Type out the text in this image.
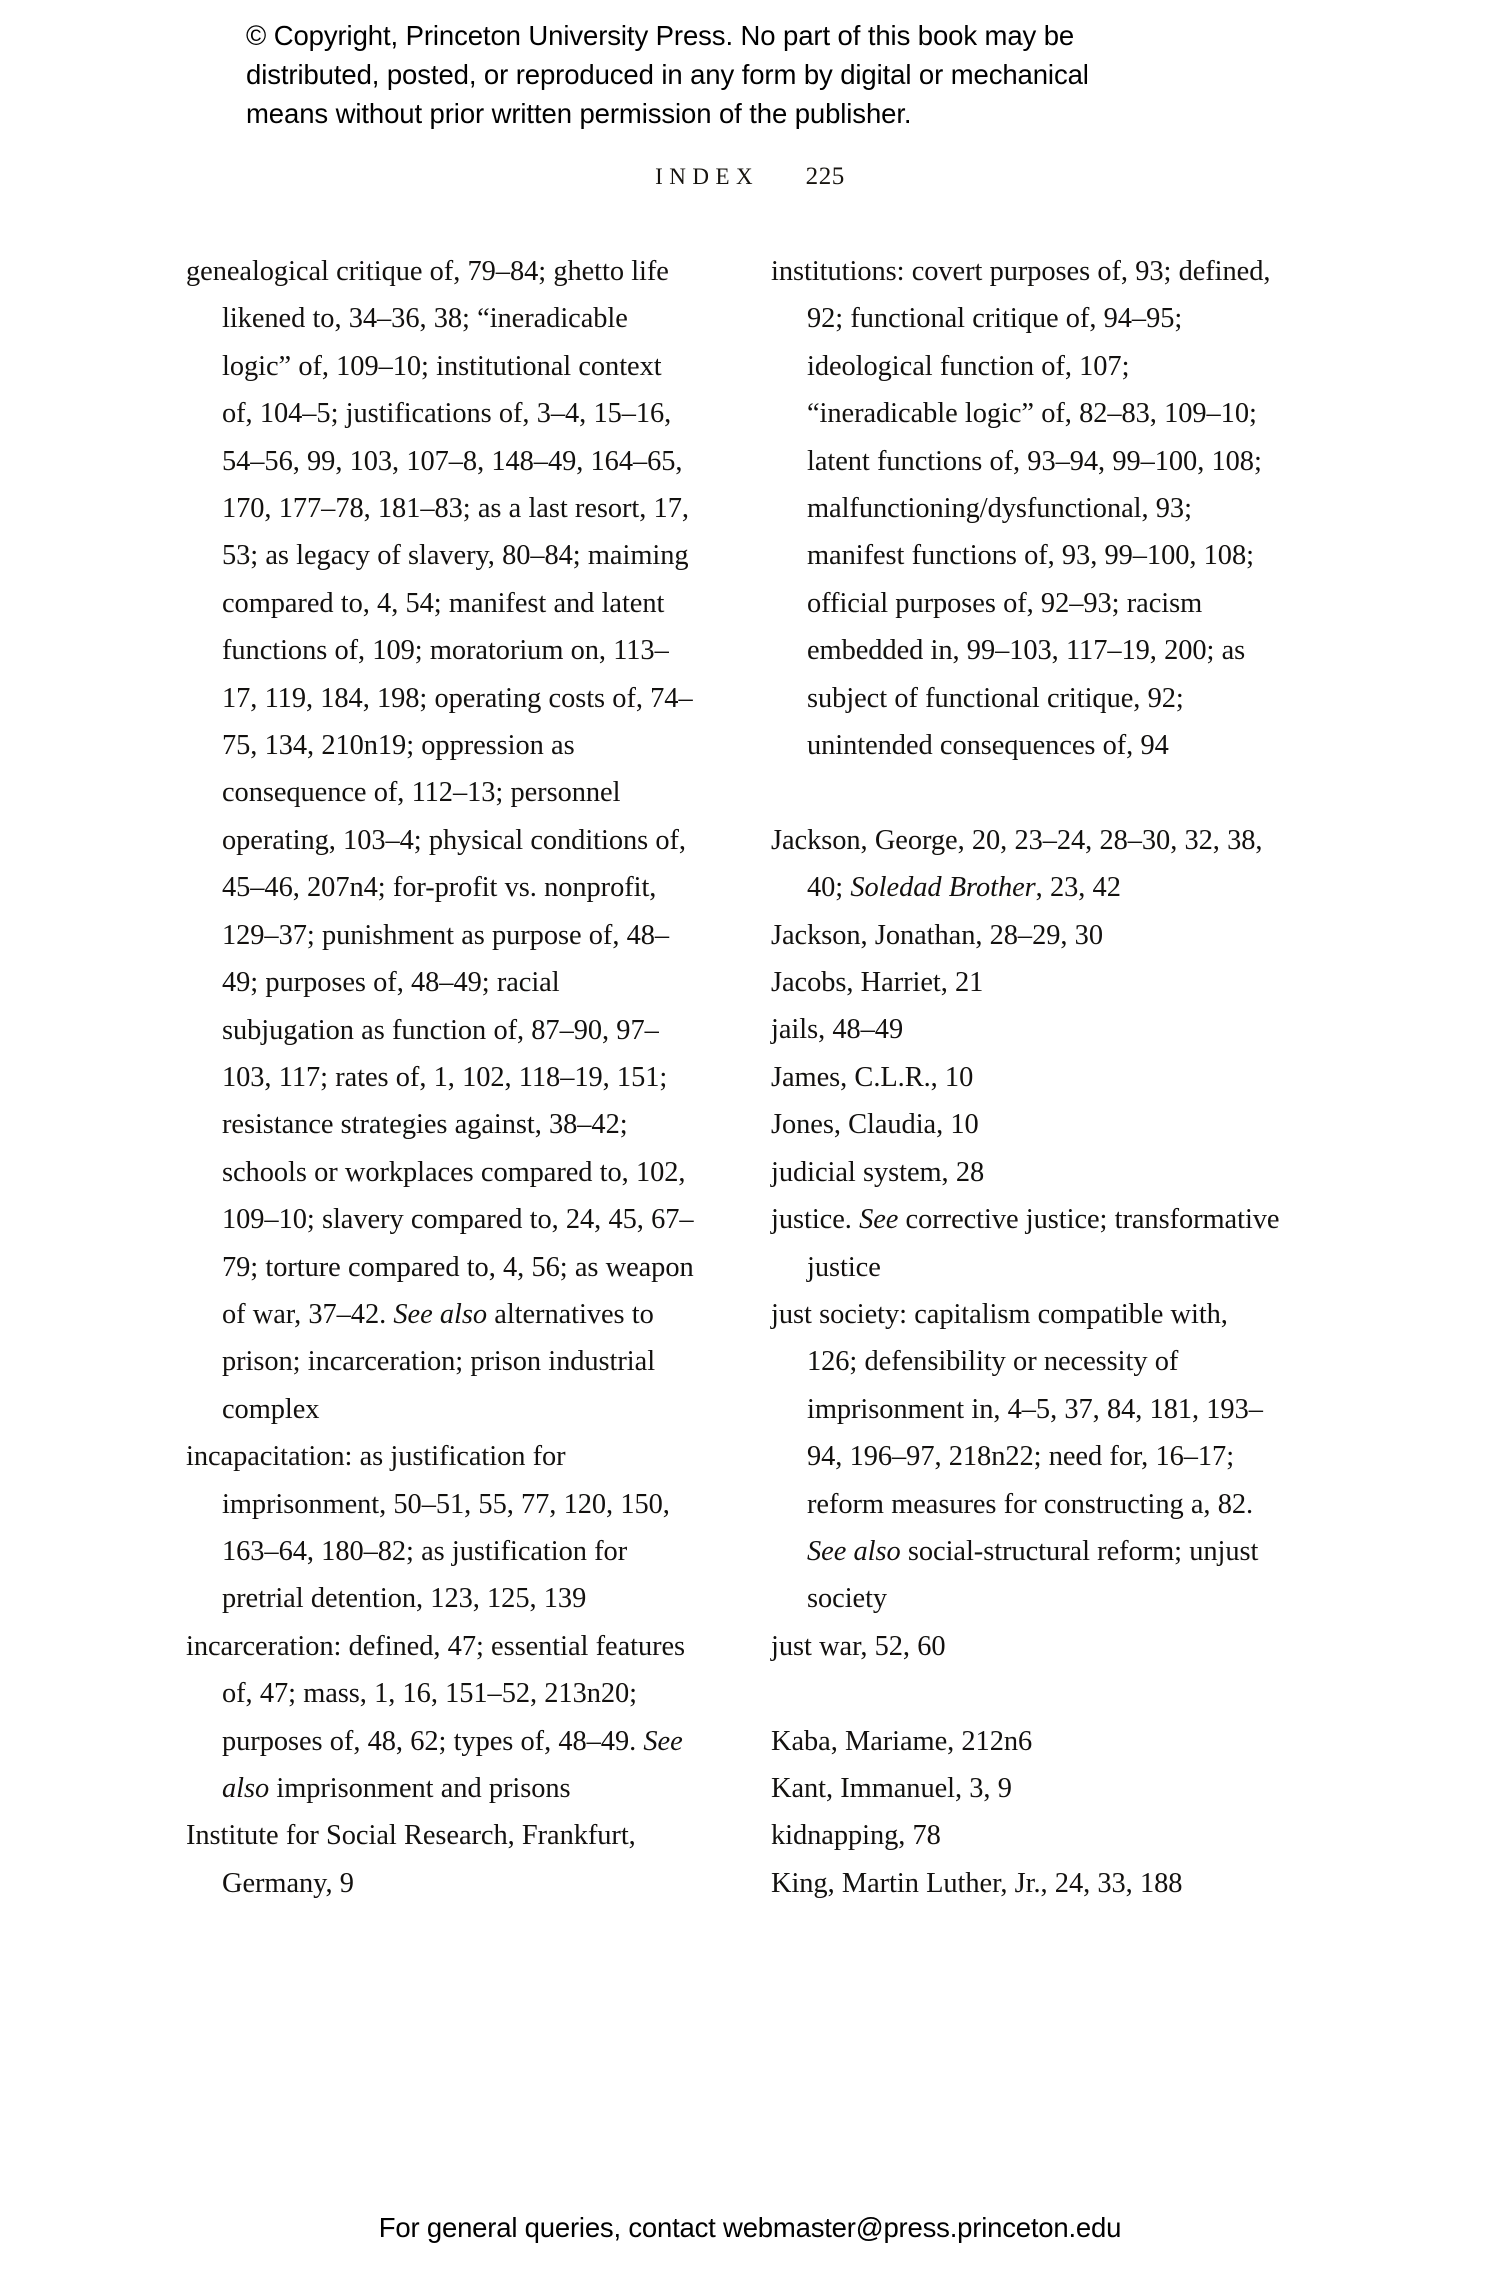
© Copyright, Princeton University Press. No part of this book may be
distributed, posted, or reproduced in any form by digital or mechanical
means without prior written permission of the publisher.
INDEX 225

genealogical critique of, 79–84; ghetto life likened to, 34–36, 38; “ineradicable logic” of, 109–10; institutional context of, 104–5; justifications of, 3–4, 15–16, 54–56, 99, 103, 107–8, 148–49, 164–65, 170, 177–78, 181–83; as a last resort, 17, 53; as legacy of slavery, 80–84; maiming compared to, 4, 54; manifest and latent functions of, 109; moratorium on, 113–17, 119, 184, 198; operating costs of, 74–75, 134, 210n19; oppression as consequence of, 112–13; personnel operating, 103–4; physical conditions of, 45–46, 207n4; for-profit vs. nonprofit, 129–37; punishment as purpose of, 48–49; purposes of, 48–49; racial subjugation as function of, 87–90, 97–103, 117; rates of, 1, 102, 118–19, 151; resistance strategies against, 38–42; schools or workplaces compared to, 102, 109–10; slavery compared to, 24, 45, 67–79; torture compared to, 4, 56; as weapon of war, 37–42. See also alternatives to prison; incarceration; prison industrial complex

incapacitation: as justification for imprisonment, 50–51, 55, 77, 120, 150, 163–64, 180–82; as justification for pretrial detention, 123, 125, 139

incarceration: defined, 47; essential features of, 47; mass, 1, 16, 151–52, 213n20; purposes of, 48, 62; types of, 48–49. See also imprisonment and prisons

Institute for Social Research, Frankfurt, Germany, 9

institutions: covert purposes of, 93; defined, 92; functional critique of, 94–95; ideological function of, 107; “ineradicable logic” of, 82–83, 109–10; latent functions of, 93–94, 99–100, 108; malfunctioning/dysfunctional, 93; manifest functions of, 93, 99–100, 108; official purposes of, 92–93; racism embedded in, 99–103, 117–19, 200; as subject of functional critique, 92; unintended consequences of, 94

Jackson, George, 20, 23–24, 28–30, 32, 38, 40; Soledad Brother, 23, 42

Jackson, Jonathan, 28–29, 30

Jacobs, Harriet, 21

jails, 48–49

James, C.L.R., 10

Jones, Claudia, 10

judicial system, 28

justice. See corrective justice; transformative justice

just society: capitalism compatible with, 126; defensibility or necessity of imprisonment in, 4–5, 37, 84, 181, 193–94, 196–97, 218n22; need for, 16–17; reform measures for constructing a, 82. See also social-structural reform; unjust society

just war, 52, 60

Kaba, Mariame, 212n6

Kant, Immanuel, 3, 9

kidnapping, 78

King, Martin Luther, Jr., 24, 33, 188

For general queries, contact webmaster@press.princeton.edu
